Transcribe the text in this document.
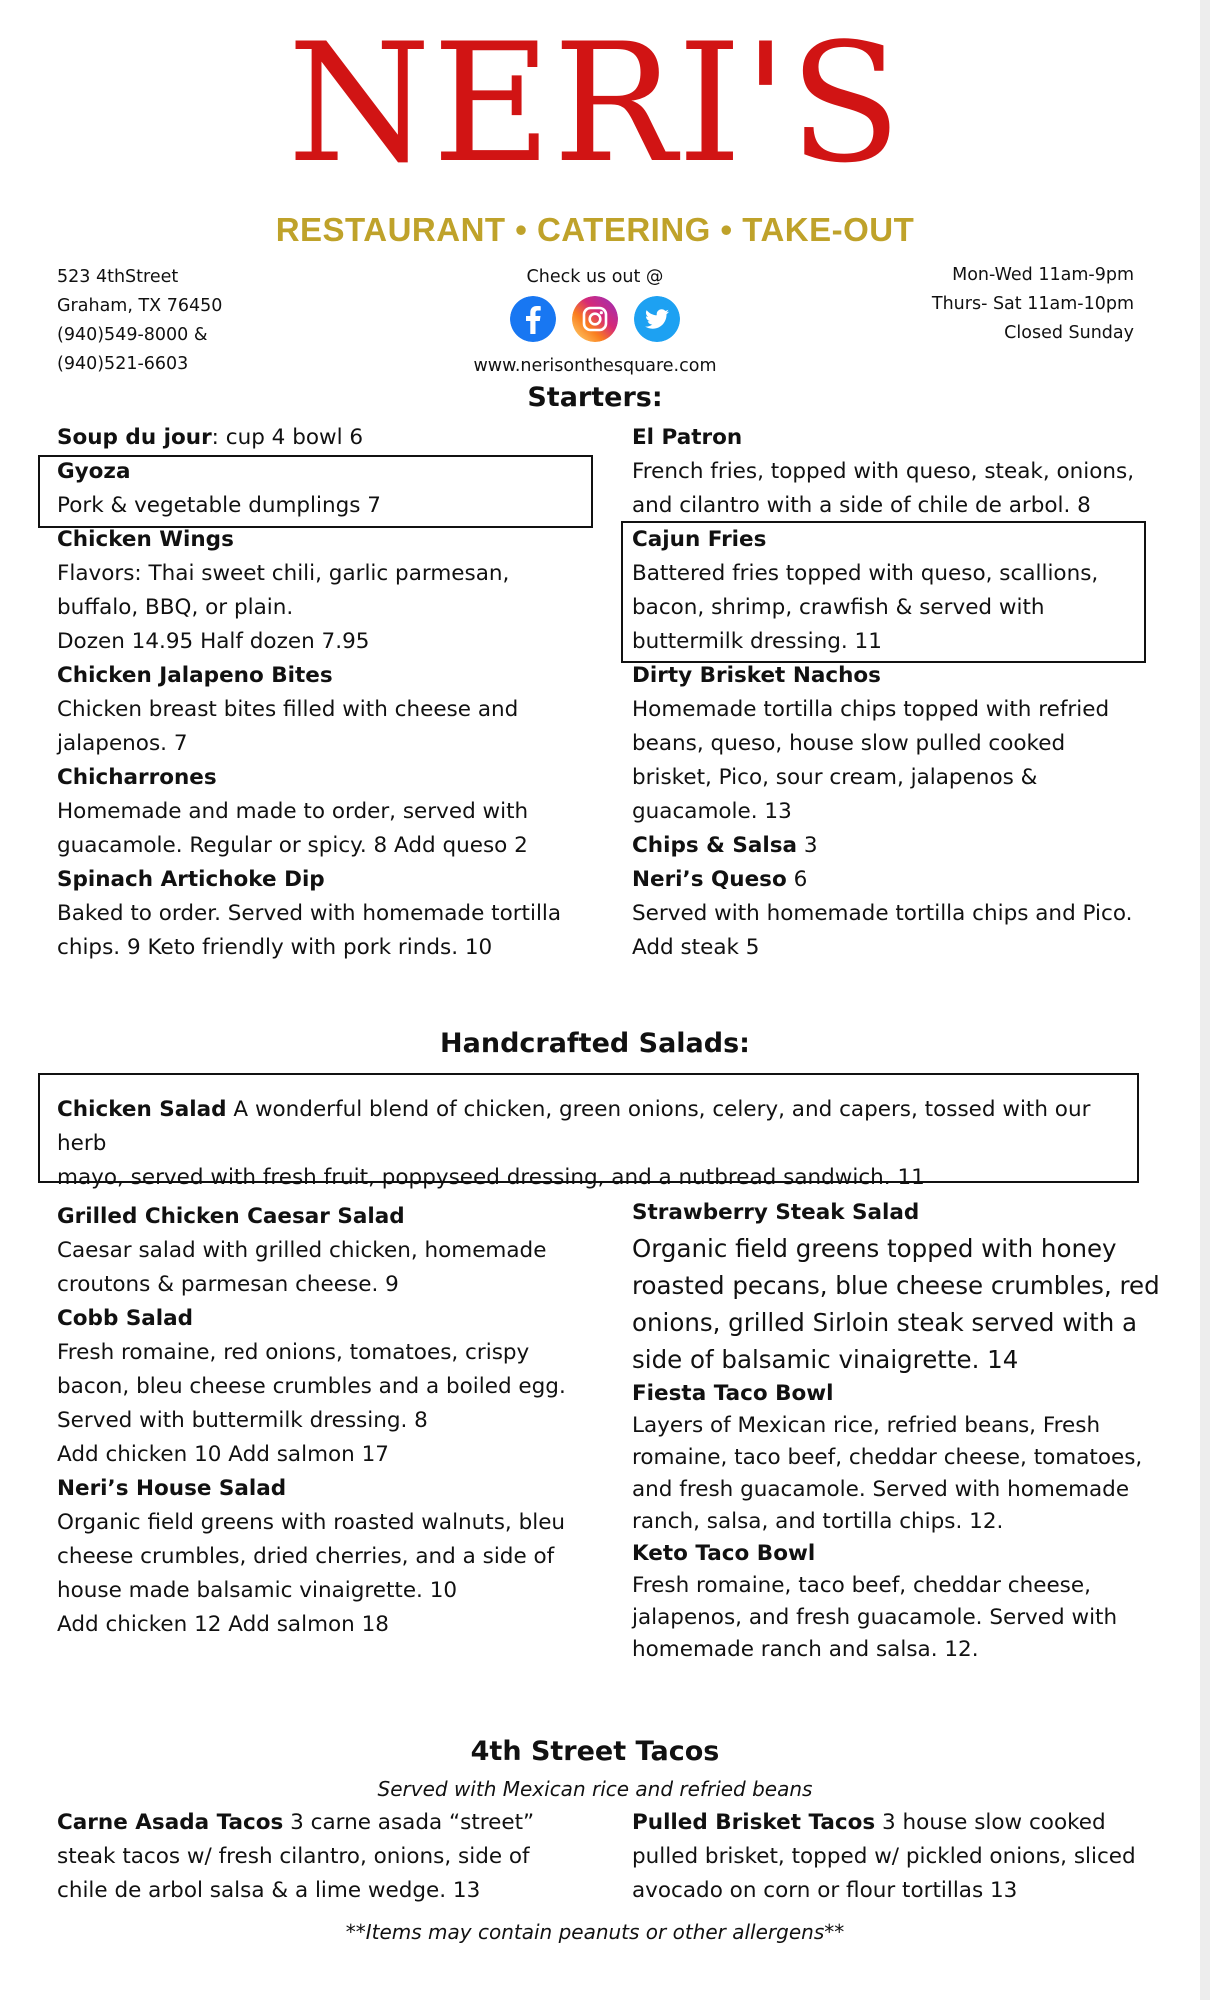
NERI'S
RESTAURANT • CATERING • TAKE-OUT
523 4thStreet
Graham, TX 76450
(940)549-8000 &
(940)521-6603
Check us out @

www.nerisonthesquare.com
Mon-Wed 11am-9pm
Thurs- Sat 11am-10pm
Closed Sunday
Starters:
Soup du jour: cup 4 bowl 6
Gyoza
Pork & vegetable dumplings 7
Chicken Wings
Flavors: Thai sweet chili, garlic parmesan,
buffalo, BBQ, or plain.
Dozen 14.95 Half dozen 7.95
Chicken Jalapeno Bites
Chicken breast bites filled with cheese and
jalapenos. 7
Chicharrones
Homemade and made to order, served with
guacamole. Regular or spicy. 8 Add queso 2
Spinach Artichoke Dip
Baked to order. Served with homemade tortilla
chips. 9 Keto friendly with pork rinds. 10
El Patron
French fries, topped with queso, steak, onions,
and cilantro with a side of chile de arbol. 8
Cajun Fries
Battered fries topped with queso, scallions,
bacon, shrimp, crawfish & served with
buttermilk dressing. 11
Dirty Brisket Nachos
Homemade tortilla chips topped with refried
beans, queso, house slow pulled cooked
brisket, Pico, sour cream, jalapenos &
guacamole. 13
Chips & Salsa 3
Neri’s Queso 6
Served with homemade tortilla chips and Pico.
Add steak 5
Handcrafted Salads:
Chicken Salad A wonderful blend of chicken, green onions, celery, and capers, tossed with our herb
mayo, served with fresh fruit, poppyseed dressing, and a nutbread sandwich. 11
Grilled Chicken Caesar Salad
Caesar salad with grilled chicken, homemade
croutons & parmesan cheese. 9
Cobb Salad
Fresh romaine, red onions, tomatoes, crispy
bacon, bleu cheese crumbles and a boiled egg.
Served with buttermilk dressing. 8
Add chicken 10 Add salmon 17
Neri’s House Salad
Organic field greens with roasted walnuts, bleu
cheese crumbles, dried cherries, and a side of
house made balsamic vinaigrette. 10
Add chicken 12 Add salmon 18
Strawberry Steak Salad
Organic field greens topped with honey
roasted pecans, blue cheese crumbles, red
onions, grilled Sirloin steak served with a
side of balsamic vinaigrette. 14
Fiesta Taco Bowl
Layers of Mexican rice, refried beans, Fresh
romaine, taco beef, cheddar cheese, tomatoes,
and fresh guacamole. Served with homemade
ranch, salsa, and tortilla chips. 12.
Keto Taco Bowl
Fresh romaine, taco beef, cheddar cheese,
jalapenos, and fresh guacamole. Served with
homemade ranch and salsa. 12.
4th Street Tacos
Served with Mexican rice and refried beans
Carne Asada Tacos 3 carne asada “street”
steak tacos w/ fresh cilantro, onions, side of
chile de arbol salsa & a lime wedge. 13
Pulled Brisket Tacos 3 house slow cooked
pulled brisket, topped w/ pickled onions, sliced
avocado on corn or flour tortillas 13
**Items may contain peanuts or other allergens**
